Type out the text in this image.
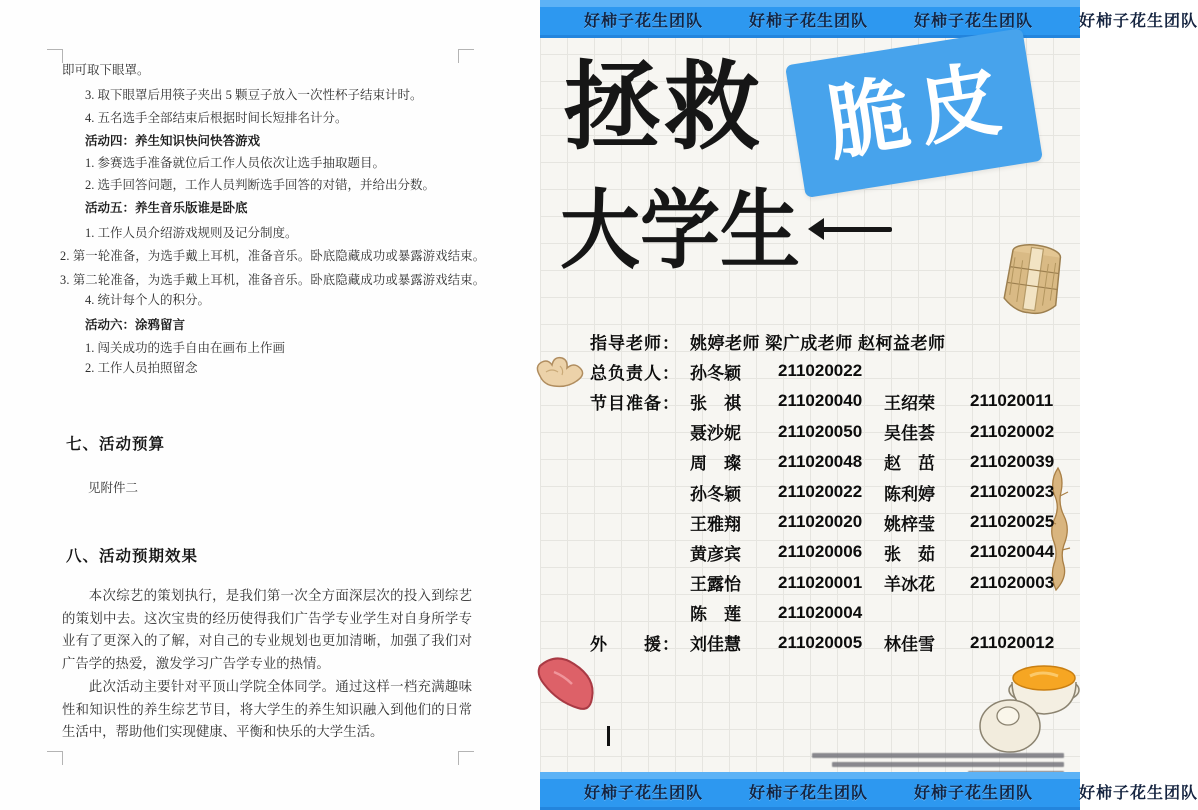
即可取下眼罩。
3. 取下眼罩后用筷子夹出 5 颗豆子放入一次性杯子结束计时。
4. 五名选手全部结束后根据时间长短排名计分。
活动四：养生知识快问快答游戏
1. 参赛选手准备就位后工作人员依次让选手抽取题目。
2. 选手回答问题，工作人员判断选手回答的对错，并给出分数。
活动五：养生音乐版谁是卧底
1. 工作人员介绍游戏规则及记分制度。
2. 第一轮准备，为选手戴上耳机，准备音乐。卧底隐藏成功或暴露游戏结束。
3. 第二轮准备，为选手戴上耳机，准备音乐。卧底隐藏成功或暴露游戏结束。
4. 统计每个人的积分。
活动六：涂鸦留言
1. 闯关成功的选手自由在画布上作画
2. 工作人员拍照留念
七、活动预算
见附件二
八、活动预期效果
本次综艺的策划执行，是我们第一次全方面深层次的投入到综艺的策划中去。这次宝贵的经历使得我们广告学专业学生对自身所学专业有了更深入的了解，对自己的专业规划也更加清晰，加强了我们对广告学的热爱，激发学习广告学专业的热情。
此次活动主要针对平顶山学院全体同学。通过这样一档充满趣味性和知识性的养生综艺节目，将大学生的养生知识融入到他们的日常生活中，帮助他们实现健康、平衡和快乐的大学生活。
好柿子花生团队	好柿子花生团队	好柿子花生团队	好柿子花生团队
拯救 脆皮
大学生
指导老师： 姚婷老师 梁广成老师 赵柯益老师
总负责人： 孙冬颖	211020022
节目准备： 张　祺	211020040	王绍荣	211020011
聂沙妮	211020050	吴佳荟	211020002
周　璨	211020048	赵　茁	211020039
孙冬颖	211020022	陈利婷	211020023
王雅翔	211020020	姚梓莹	211020025
黄彦宾	211020006	张　茹	211020044
王露怡	211020001	羊冰花	211020003
陈　莲	211020004
外　　援： 刘佳慧	211020005	林佳雪	211020012
好柿子花生团队	好柿子花生团队	好柿子花生团队	好柿子花生团队
